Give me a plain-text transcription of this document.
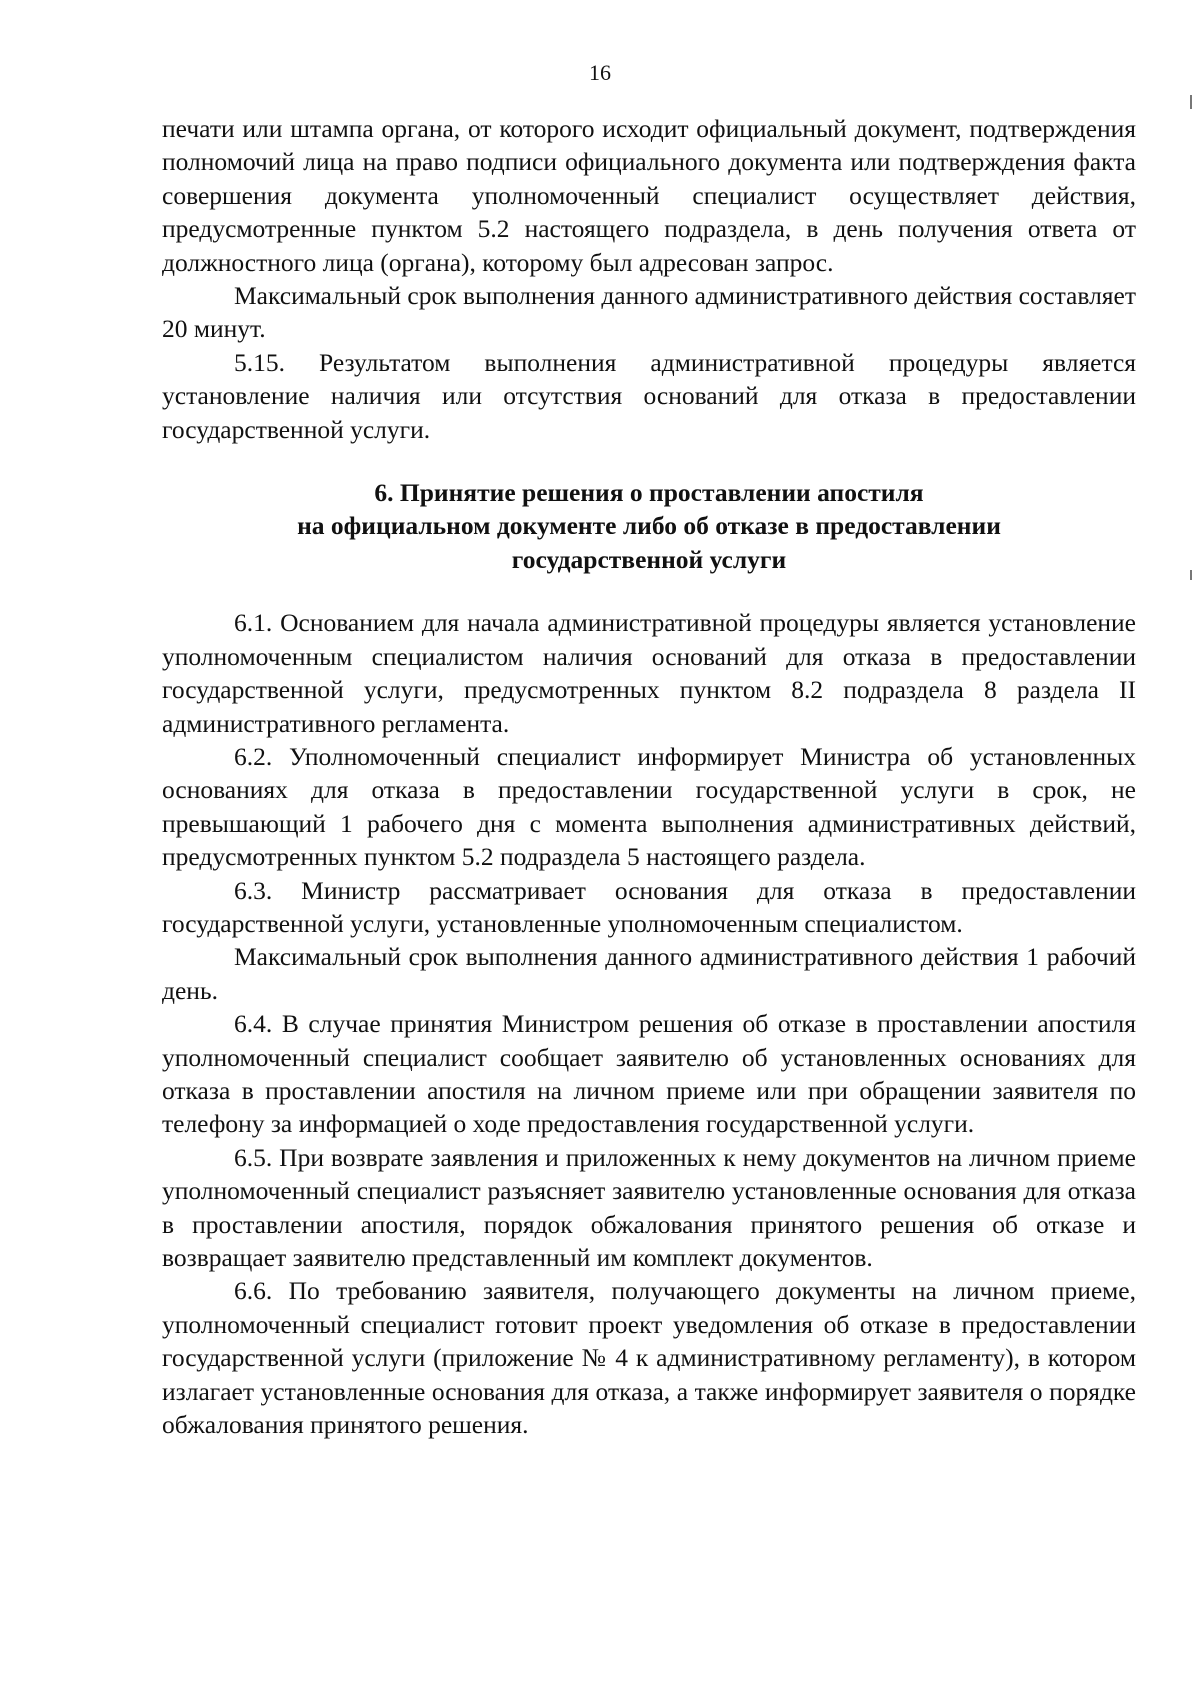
16

печати или штампа органа, от которого исходит официальный документ, подтверждения полномочий лица на право подписи официального документа или подтверждения факта совершения документа уполномоченный специалист осуществляет действия, предусмотренные пунктом 5.2 настоящего подраздела, в день получения ответа от должностного лица (органа), которому был адресован запрос.

Максимальный срок выполнения данного административного действия составляет 20 минут.

5.15. Результатом выполнения административной процедуры является установление наличия или отсутствия оснований для отказа в предоставлении государственной услуги.

6. Принятие решения о проставлении апостиля
на официальном документе либо об отказе в предоставлении
государственной услуги

6.1. Основанием для начала административной процедуры является установление уполномоченным специалистом наличия оснований для отказа в предоставлении государственной услуги, предусмотренных пунктом 8.2 подраздела 8 раздела II административного регламента.

6.2. Уполномоченный специалист информирует Министра об установленных основаниях для отказа в предоставлении государственной услуги в срок, не превышающий 1 рабочего дня с момента выполнения административных действий, предусмотренных пунктом 5.2 подраздела 5 настоящего раздела.

6.3. Министр рассматривает основания для отказа в предоставлении государственной услуги, установленные уполномоченным специалистом.

Максимальный срок выполнения данного административного действия 1 рабочий день.

6.4. В случае принятия Министром решения об отказе в проставлении апостиля уполномоченный специалист сообщает заявителю об установленных основаниях для отказа в проставлении апостиля на личном приеме или при обращении заявителя по телефону за информацией о ходе предоставления государственной услуги.

6.5. При возврате заявления и приложенных к нему документов на личном приеме уполномоченный специалист разъясняет заявителю установленные основания для отказа в проставлении апостиля, порядок обжалования принятого решения об отказе и возвращает заявителю представленный им комплект документов.

6.6. По требованию заявителя, получающего документы на личном приеме, уполномоченный специалист готовит проект уведомления об отказе в предоставлении государственной услуги (приложение № 4 к административному регламенту), в котором излагает установленные основания для отказа, а также информирует заявителя о порядке обжалования принятого решения.
